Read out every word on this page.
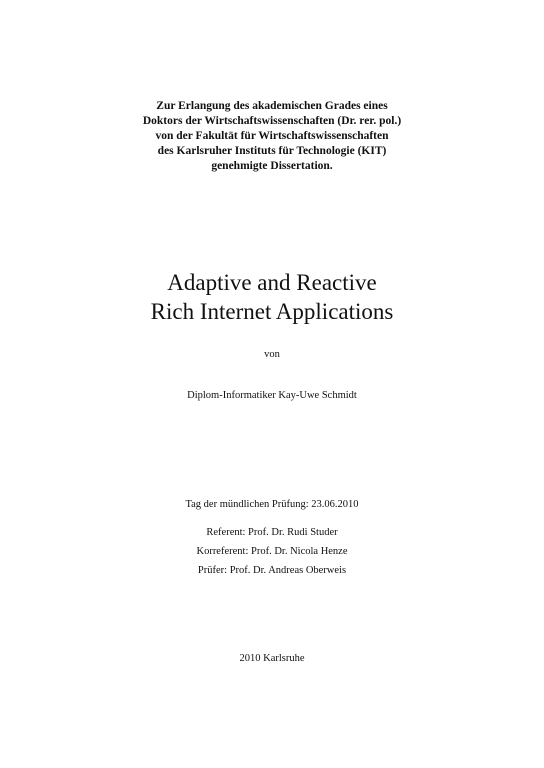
Zur Erlangung des akademischen Grades eines
Doktors der Wirtschaftswissenschaften (Dr. rer. pol.)
von der Fakultät für Wirtschaftswissenschaften
des Karlsruher Instituts für Technologie (KIT)
genehmigte Dissertation.
Adaptive and Reactive
Rich Internet Applications
von
Diplom-Informatiker Kay-Uwe Schmidt
Tag der mündlichen Prüfung: 23.06.2010
Referent: Prof. Dr. Rudi Studer
Korreferent: Prof. Dr. Nicola Henze
Prüfer: Prof. Dr. Andreas Oberweis
2010 Karlsruhe
